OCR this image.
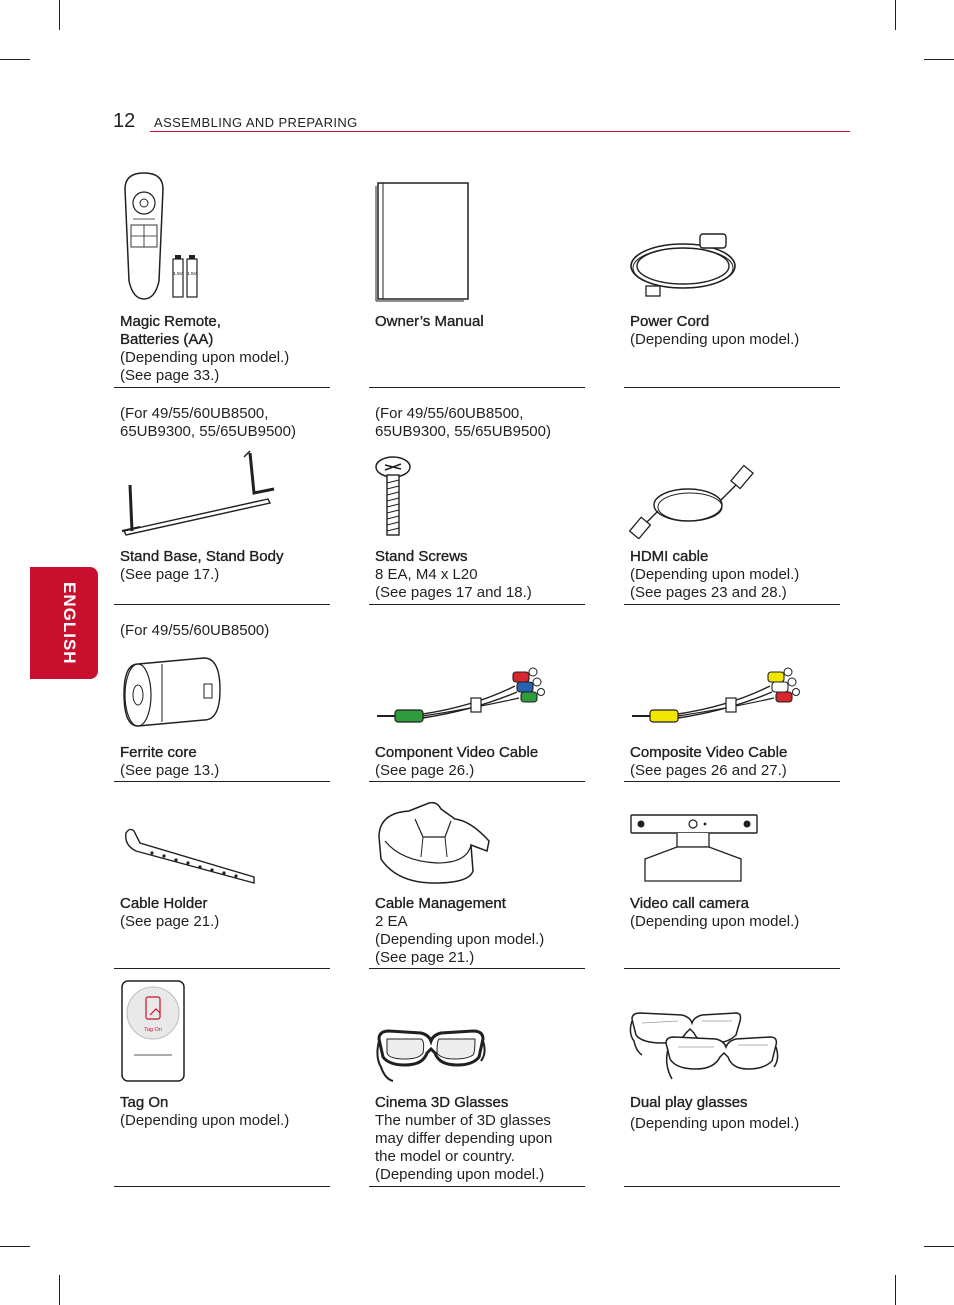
12 ASSEMBLING AND PREPARING
ENGLISH
1.5V 1.5V
Magic Remote,
Batteries (AA)
(Depending upon model.)
(See page 33.)
Owner’s Manual	Power Cord
(Depending upon model.)
(For 49/55/60UB8500,
65UB9300, 55/65UB9500)
Stand Base, Stand Body
(See page 17.)
(For 49/55/60UB8500,
65UB9300, 55/65UB9500)
Stand Screws
8 EA, M4 x L20
(See pages 17 and 18.)
HDMI cable
(Depending upon model.)
(See pages 23 and 28.)
(For 49/55/60UB8500)
Ferrite core
(See page 13.)
Component Video Cable
(See page 26.)
Composite Video Cable
(See pages 26 and 27.)
Cable Holder
(See page 21.)
Cable Management
2 EA
(Depending upon model.)
(See page 21.)
Video call camera
(Depending upon model.)
Tag On
Tag On
(Depending upon model.)
Cinema 3D Glasses
The number of 3D glasses
may differ depending upon
the model or country.
(Depending upon model.)
Dual play glasses
(Depending upon model.)
